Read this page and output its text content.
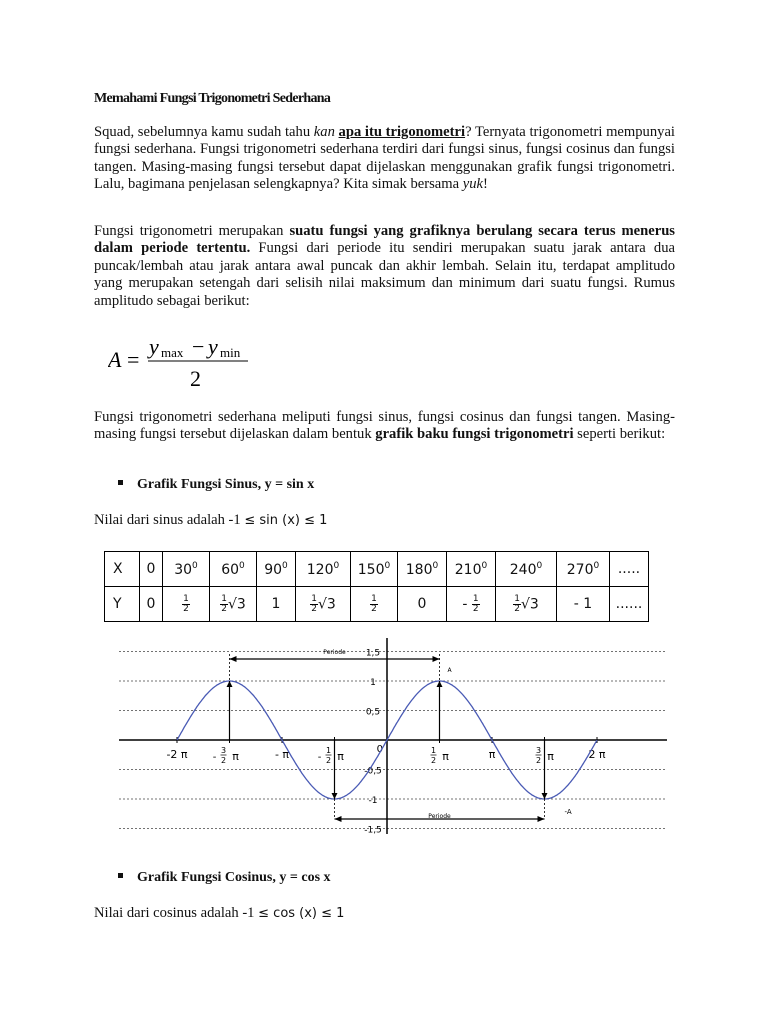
Memahami Fungsi Trigonometri Sederhana

Squad, sebelumnya kamu sudah tahu kan apa itu trigonometri? Ternyata trigonometri mempunyai fungsi sederhana. Fungsi trigonometri sederhana terdiri dari fungsi sinus, fungsi cosinus dan fungsi tangen. Masing-masing fungsi tersebut dapat dijelaskan menggunakan grafik fungsi trigonometri. Lalu, bagimana penjelasan selengkapnya? Kita simak bersama yuk!

Fungsi trigonometri merupakan suatu fungsi yang grafiknya berulang secara terus menerus dalam periode tertentu. Fungsi dari periode itu sendiri merupakan suatu jarak antara dua puncak/lembah atau jarak antara awal puncak dan akhir lembah. Selain itu, terdapat amplitudo yang merupakan setengah dari selisih nilai maksimum dan minimum dari suatu fungsi. Rumus amplitudo sebagai berikut:

A =
y max − y min
2

Fungsi trigonometri sederhana meliputi fungsi sinus, fungsi cosinus dan fungsi tangen. Masing-masing fungsi tersebut dijelaskan dalam bentuk grafik baku fungsi trigonometri seperti berikut:

Grafik Fungsi Sinus, y = sin x
Nilai dari sinus adalah -1 ≤ sin (x) ≤ 1
X	0	$30^0$	$60^0$	$90^0$	$120^0$	$150^0$	$180^0$	$210^0$	$240^0$	$270^0$	.....
Y	0	$\frac{1}{2}$	$\frac{1}{2} √3$	1	$\frac{1}{2} √3$	$\frac{1}{2}$	0	- $\frac{1}{2}$	$\frac{1}{2} √3$	- 1	......
1,5
1
0,5
-0,5
-1
-1,5
-2 π	-
3
2 π	- π	-
1
2 π
0	1
2 π	π	3
2 π	2 π
Periode
Periode
A
-A
Grafik Fungsi Cosinus, y = cos x
Nilai dari cosinus adalah -1 ≤ cos (x) ≤ 1
